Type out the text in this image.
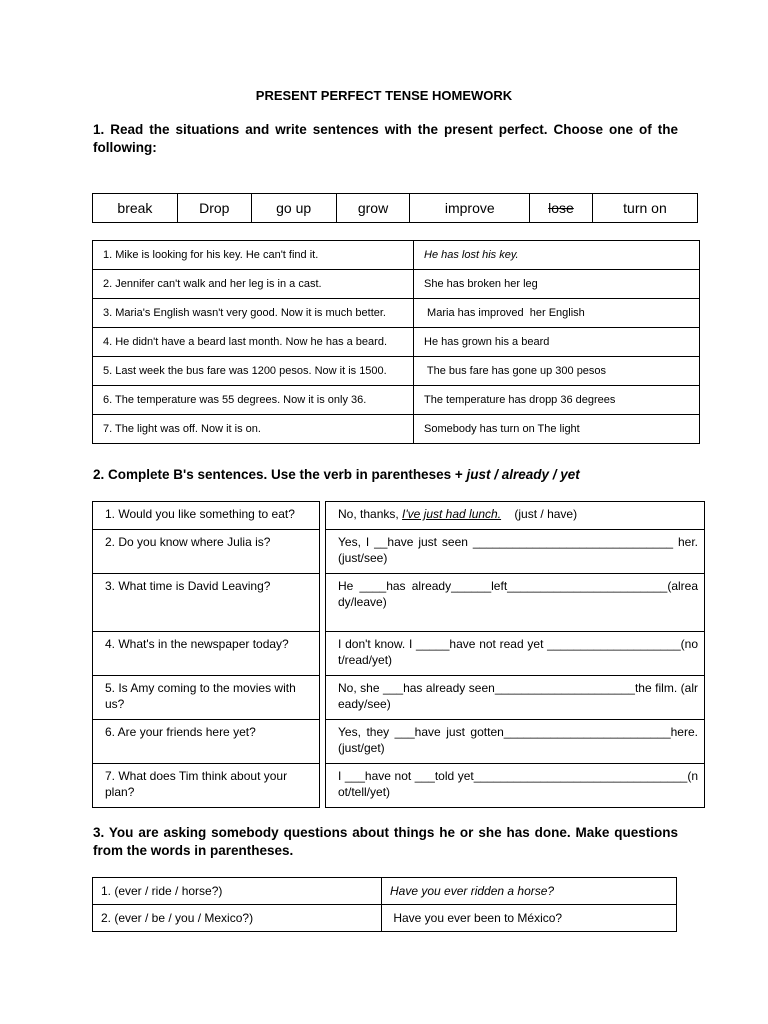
PRESENT PERFECT TENSE HOMEWORK
1. Read the situations and write sentences with the present perfect. Choose one of the following:
break	Drop	go up	grow	improve	lose	turn on
1. Mike is looking for his key. He can't find it.	He has lost his key.
2. Jennifer can't walk and her leg is in a cast.	She has broken her leg
3. Maria's English wasn't very good. Now it is much better.	Maria has improved  her English
4. He didn't have a beard last month. Now he has a beard.	He has grown his a beard
5. Last week the bus fare was 1200 pesos. Now it is 1500.	The bus fare has gone up 300 pesos
6. The temperature was 55 degrees. Now it is only 36.	The temperature has dropp 36 degrees
7. The light was off. Now it is on.	Somebody has turn on The light
2. Complete B's sentences. Use the verb in parentheses + just / already / yet
1. Would you like something to eat?		No, thanks, I've just had lunch.    (just / have)
2. Do you know where Julia is?		Yes, I __have just seen ______________________________ her. (just/see)
3. What time is David Leaving?		He ____has already______left________________________(already/leave)
4. What's in the newspaper today?		I don't know. I _____have not read yet ____________________(not/read/yet)
5. Is Amy coming to the movies with us?		No, she ___has already seen_____________________the film. (already/see)
6. Are your friends here yet?		Yes, they ___have just gotten_________________________here. (just/get)
7. What does Tim think about your plan?		I ___have not ___told yet________________________________(not/tell/yet)
3. You are asking somebody questions about things he or she has done. Make questions from the words in parentheses.
1. (ever / ride / horse?)	Have you ever ridden a horse?
2. (ever / be / you / Mexico?)	Have you ever been to México?
